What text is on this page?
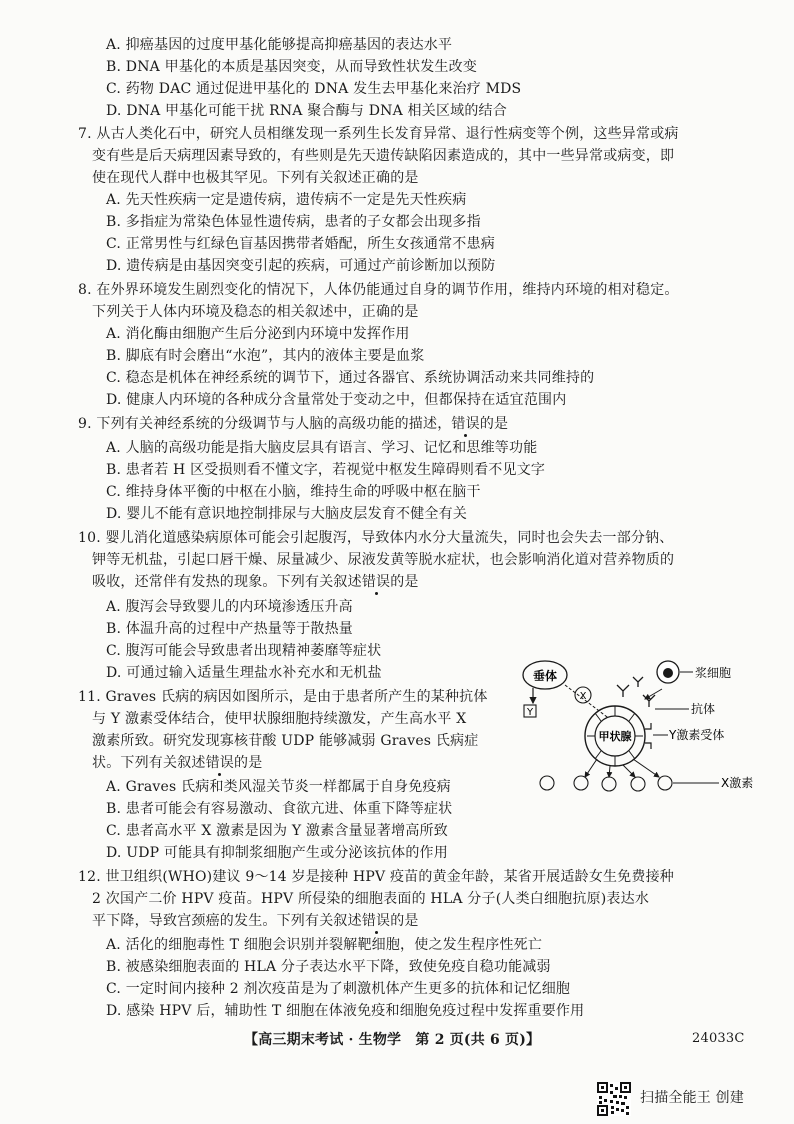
A. 抑癌基因的过度甲基化能够提高抑癌基因的表达水平
B. DNA 甲基化的本质是基因突变，从而导致性状发生改变
C. 药物 DAC 通过促进甲基化的 DNA 发生去甲基化来治疗 MDS
D. DNA 甲基化可能干扰 RNA 聚合酶与 DNA 相关区域的结合
7. 从古人类化石中，研究人员相继发现一系列生长发育异常、退行性病变等个例，这些异常或病
变有些是后天病理因素导致的，有些则是先天遗传缺陷因素造成的，其中一些异常或病变，即
使在现代人群中也极其罕见。下列有关叙述正确的是
A. 先天性疾病一定是遗传病，遗传病不一定是先天性疾病
B. 多指症为常染色体显性遗传病，患者的子女都会出现多指
C. 正常男性与红绿色盲基因携带者婚配，所生女孩通常不患病
D. 遗传病是由基因突变引起的疾病，可通过产前诊断加以预防
8. 在外界环境发生剧烈变化的情况下，人体仍能通过自身的调节作用，维持内环境的相对稳定。
下列关于人体内环境及稳态的相关叙述中，正确的是
A. 消化酶由细胞产生后分泌到内环境中发挥作用
B. 脚底有时会磨出“水泡”，其内的液体主要是血浆
C. 稳态是机体在神经系统的调节下，通过各器官、系统协调活动来共同维持的
D. 健康人内环境的各种成分含量常处于变动之中，但都保持在适宜范围内
9. 下列有关神经系统的分级调节与人脑的高级功能的描述，错误的是
A. 人脑的高级功能是指大脑皮层具有语言、学习、记忆和思维等功能
B. 患者若 H 区受损则看不懂文字，若视觉中枢发生障碍则看不见文字
C. 维持身体平衡的中枢在小脑，维持生命的呼吸中枢在脑干
D. 婴儿不能有意识地控制排尿与大脑皮层发育不健全有关
10. 婴儿消化道感染病原体可能会引起腹泻，导致体内水分大量流失，同时也会失去一部分钠、
钾等无机盐，引起口唇干燥、尿量减少、尿液发黄等脱水症状，也会影响消化道对营养物质的
吸收，还常伴有发热的现象。下列有关叙述错误的是
A. 腹泻会导致婴儿的内环境渗透压升高
B. 体温升高的过程中产热量等于散热量
C. 腹泻可能会导致患者出现精神萎靡等症状
D. 可通过输入适量生理盐水补充水和无机盐
11. Graves 氏病的病因如图所示，是由于患者所产生的某种抗体
与 Y 激素受体结合，使甲状腺细胞持续激发，产生高水平 X
激素所致。研究发现寡核苷酸 UDP 能够减弱 Graves 氏病症
状。下列有关叙述错误的是
A. Graves 氏病和类风湿关节炎一样都属于自身免疫病
B. 患者可能会有容易激动、食欲亢进、体重下降等症状
C. 患者高水平 X 激素是因为 Y 激素含量显著增高所致
D. UDP 可能具有抑制浆细胞产生或分泌该抗体的作用
垂体
Y
X
浆细胞
抗体
甲状腺	Y激素受体
X激素
12. 世卫组织(WHO)建议 9～14 岁是接种 HPV 疫苗的黄金年龄，某省开展适龄女生免费接种
2 次国产二价 HPV 疫苗。HPV 所侵染的细胞表面的 HLA 分子(人类白细胞抗原)表达水
平下降，导致宫颈癌的发生。下列有关叙述错误的是
A. 活化的细胞毒性 T 细胞会识别并裂解靶细胞，使之发生程序性死亡
B. 被感染细胞表面的 HLA 分子表达水平下降，致使免疫自稳功能减弱
C. 一定时间内接种 2 剂次疫苗是为了刺激机体产生更多的抗体和记忆细胞
D. 感染 HPV 后，辅助性 T 细胞在体液免疫和细胞免疫过程中发挥重要作用
【高三期末考试 · 生物学　第 2 页(共 6 页)】	24033C
扫描全能王 创建
